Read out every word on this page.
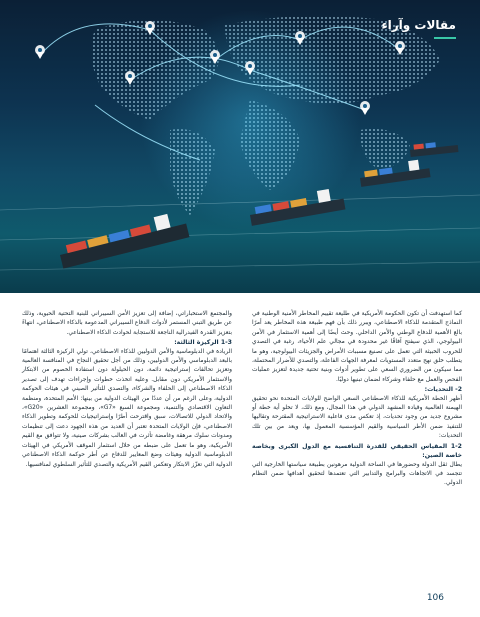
مقالات وآراء

والمجتمع الاستخباراتي، إضافة إلى تعزيز الأمن السيبراني للبنية التحتية الحيوية، وذلك عن طريق التبني المستمر لأدوات الدفاع السيبراني المدعومة بالذكاء الاصطناعي، انتهاءً بتعزيز القدرة الفيدرالية الناجعة للاستجابة لحوادث الذكاء الاصطناعي.

1-3 الركيزة الثالثة:

الريادة في الدبلوماسية والأمن الدوليين للذكاء الاصطناعي، تولي الركيزة الثالثة اهتمامًا بالبعد الدبلوماسي والأمن الدوليين، وذلك من أجل تحقيق النجاح في المنافسة العالمية وتعزيز تحالفات إستراتيجية دائمة، دون الحيلولة دون استفادة الخصوم من الابتكار والاستثمار الأمريكي دون مقابل. وعليه اتخذت خطوات وإجراءات تهدف إلى تصدير الذكاء الاصطناعي إلى الحلفاء والشركاء، والتصدي للتأثير الصيني في هيئات الحوكمة الدولية، وعلى الرغم من أن عددًا من الهيئات الدولية من بينها: الأمم المتحدة، ومنظمة التعاون الاقتصادي والتنمية، ومجموعة السبع «G7»، ومجموعة العشرين «G20»، والاتحاد الدولي للاتصالات، سبق واقترحت أطرًا وإستراتيجيات للحوكمة وتطوير الذكاء الاصطناعي، فإن الولايات المتحدة تعتبر أن العديد من هذه الجهود دعت إلى تنظيمات ومدونات سلوك مرهقة وغامضة تأثرت في الغالب بشركات صينية، ولا تتوافق مع القيم الأمريكية، وهو ما تعمل على ضبطه من خلال استثمار الموقف الأمريكي في الهيئات الدبلوماسية الدولية وهيئات وضع المعايير للدفاع عن أطر حوكمة الذكاء الاصطناعي الدولية التي تعزّز الابتكار وتعكس القيم الأمريكية والتصدي للتأثير السلطوي لمنافسيها.

كما استهدفت أن تكون الحكومة الأمريكية في طليعة تقييم المخاطر الأمنية الوطنية في النماذج المتقدمة للذكاء الاصطناعي، ويبرر ذلك بأن فهم طبيعة هذه المخاطر يعد أمرًا بالغ الأهمية للدفاع الوطني والأمن الداخلي. وحث أيضًا إلى أهمية الاستثمار في الأمن البيولوجي، الذي سيفتح آفاقًا غير محدودة في مجالي علم الأحياء، رغبة في التصدي للحروب الخبيثة التي تعمل على تصنيع مسببات الأمراض والجزيئات البيولوجية، وهو ما يتطلب خلق نهج متعدد المستويات لمعرفة الجهات الفاعلة، والتصدي للأضرار المحتملة، مما سيكون من الضروري السعي على تطوير أدوات وبنية تحتية جديدة لتعزيز عمليات الفحص والعمل مع حلفاء وشركاء لضمان تبنيها دوليًا.

2- التحديات:

أظهر الخطة الأمريكية للذكاء الاصطناعي السعي الواضح للولايات المتحدة نحو تحقيق الهيمنة العالمية وقيادة المشهد الدولي في هذا المجال، ومع ذلك، لا تخلو أية خطة أو مشروع جديد من وجود تحديات، إذ تعكس مدى فاعلية الاستراتيجية المقترحة وتقاليها للتنفيذ ضمن الأطر السياسية والقيم المؤسسية المعمول بها، ويعد من بين تلك التحديات:

1-2 المقياس الحقيقي للقدرة التنافسية مع الدول الكبرى وبخاصة خاصة الصين:

يطال ثقل الدولة وحضورها في الساحة الدولية مرهونين بطبيعة سياستها الخارجية التي تتجسد في الاتجاهات والبرامج والتدابير التي تعتمدها لتحقيق أهدافها ضمن النظام الدولي.

106
